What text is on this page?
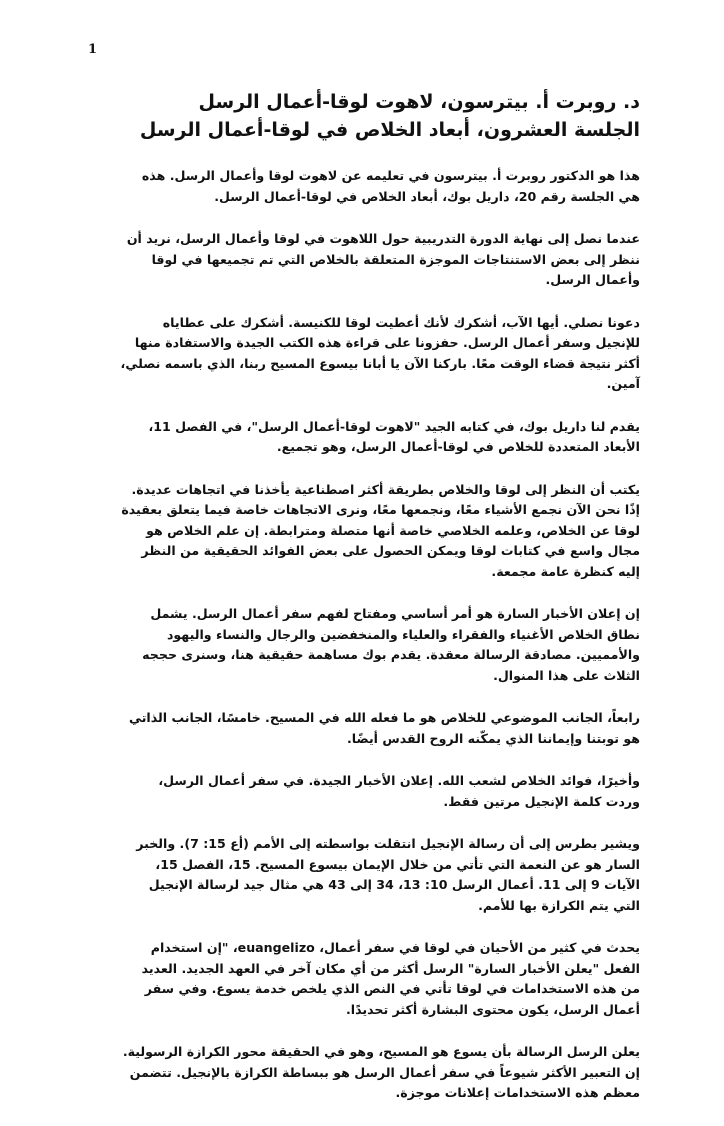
1
د. روبرت أ. بيترسون، لاهوت لوقا-أعمال الرسل
الجلسة العشرون، أبعاد الخلاص في لوقا-أعمال الرسل

هذا هو الدكتور روبرت أ. بيترسون في تعليمه عن لاهوت لوقا وأعمال الرسل. هذه هي الجلسة رقم 20، داريل بوك، أبعاد الخلاص في لوقا-أعمال الرسل.

عندما نصل إلى نهاية الدورة التدريبية حول اللاهوت في لوقا وأعمال الرسل، نريد أن ننظر إلى بعض الاستنتاجات الموجزة المتعلقة بالخلاص التي تم تجميعها في لوقا وأعمال الرسل.

دعونا نصلي. أيها الآب، أشكرك لأنك أعطيت لوقا للكنيسة. أشكرك على عطاياه للإنجيل وسفر أعمال الرسل. حفزونا على قراءة هذه الكتب الجيدة والاستفادة منها أكثر نتيجة قضاء الوقت معًا. باركنا الآن يا أبانا بيسوع المسيح ربنا، الذي باسمه نصلي، آمين.

يقدم لنا داريل بوك، في كتابه الجيد "لاهوت لوقا-أعمال الرسل"، في الفصل 11، الأبعاد المتعددة للخلاص في لوقا-أعمال الرسل، وهو تجميع.

يكتب أن النظر إلى لوقا والخلاص بطريقة أكثر اصطناعية يأخذنا في اتجاهات عديدة. إذًا نحن الآن نجمع الأشياء معًا، ونجمعها معًا، ونرى الاتجاهات خاصة فيما يتعلق بعقيدة لوقا عن الخلاص، وعلمه الخلاصي خاصة أنها متصلة ومترابطة. إن علم الخلاص هو مجال واسع في كتابات لوقا ويمكن الحصول على بعض الفوائد الحقيقية من النظر إليه كنظرة عامة مجمعة.

إن إعلان الأخبار السارة هو أمر أساسي ومفتاح لفهم سفر أعمال الرسل. يشمل نطاق الخلاص الأغنياء والفقراء والعلياء والمنخفضين والرجال والنساء واليهود والأمميين. مصادقة الرسالة معقدة. يقدم بوك مساهمة حقيقية هنا، وسنرى حججه الثلاث على هذا المنوال.

رابعاً، الجانب الموضوعي للخلاص هو ما فعله الله في المسيح. خامسًا، الجانب الذاتي هو توبتنا وإيماننا الذي يمكّنه الروح القدس أيضًا.

وأخيرًا، فوائد الخلاص لشعب الله. إعلان الأخبار الجيدة. في سفر أعمال الرسل، وردت كلمة الإنجيل مرتين فقط.

ويشير بطرس إلى أن رسالة الإنجيل انتقلت بواسطته إلى الأمم (أع 15: 7). والخبر السار هو عن النعمة التي تأتي من خلال الإيمان بيسوع المسيح. 15، الفصل 15، الآيات 9 إلى 11. أعمال الرسل 10: 13، 34 إلى 43 هي مثال جيد لرسالة الإنجيل التي يتم الكرازة بها للأمم.

يحدث في كثير من الأحيان في لوقا في سفر أعمال، euangelizo، "إن استخدام الفعل "يعلن الأخبار السارة" الرسل أكثر من أي مكان آخر في العهد الجديد. العديد من هذه الاستخدامات في لوقا تأتي في النص الذي يلخص خدمة يسوع. وفي سفر أعمال الرسل، يكون محتوى البشارة أكثر تحديدًا.

يعلن الرسل الرسالة بأن يسوع هو المسيح، وهو في الحقيقة محور الكرازة الرسولية. إن التعبير الأكثر شيوعاً في سفر أعمال الرسل هو ببساطة الكرازة بالإنجيل. تتضمن معظم هذه الاستخدامات إعلانات موجزة.
